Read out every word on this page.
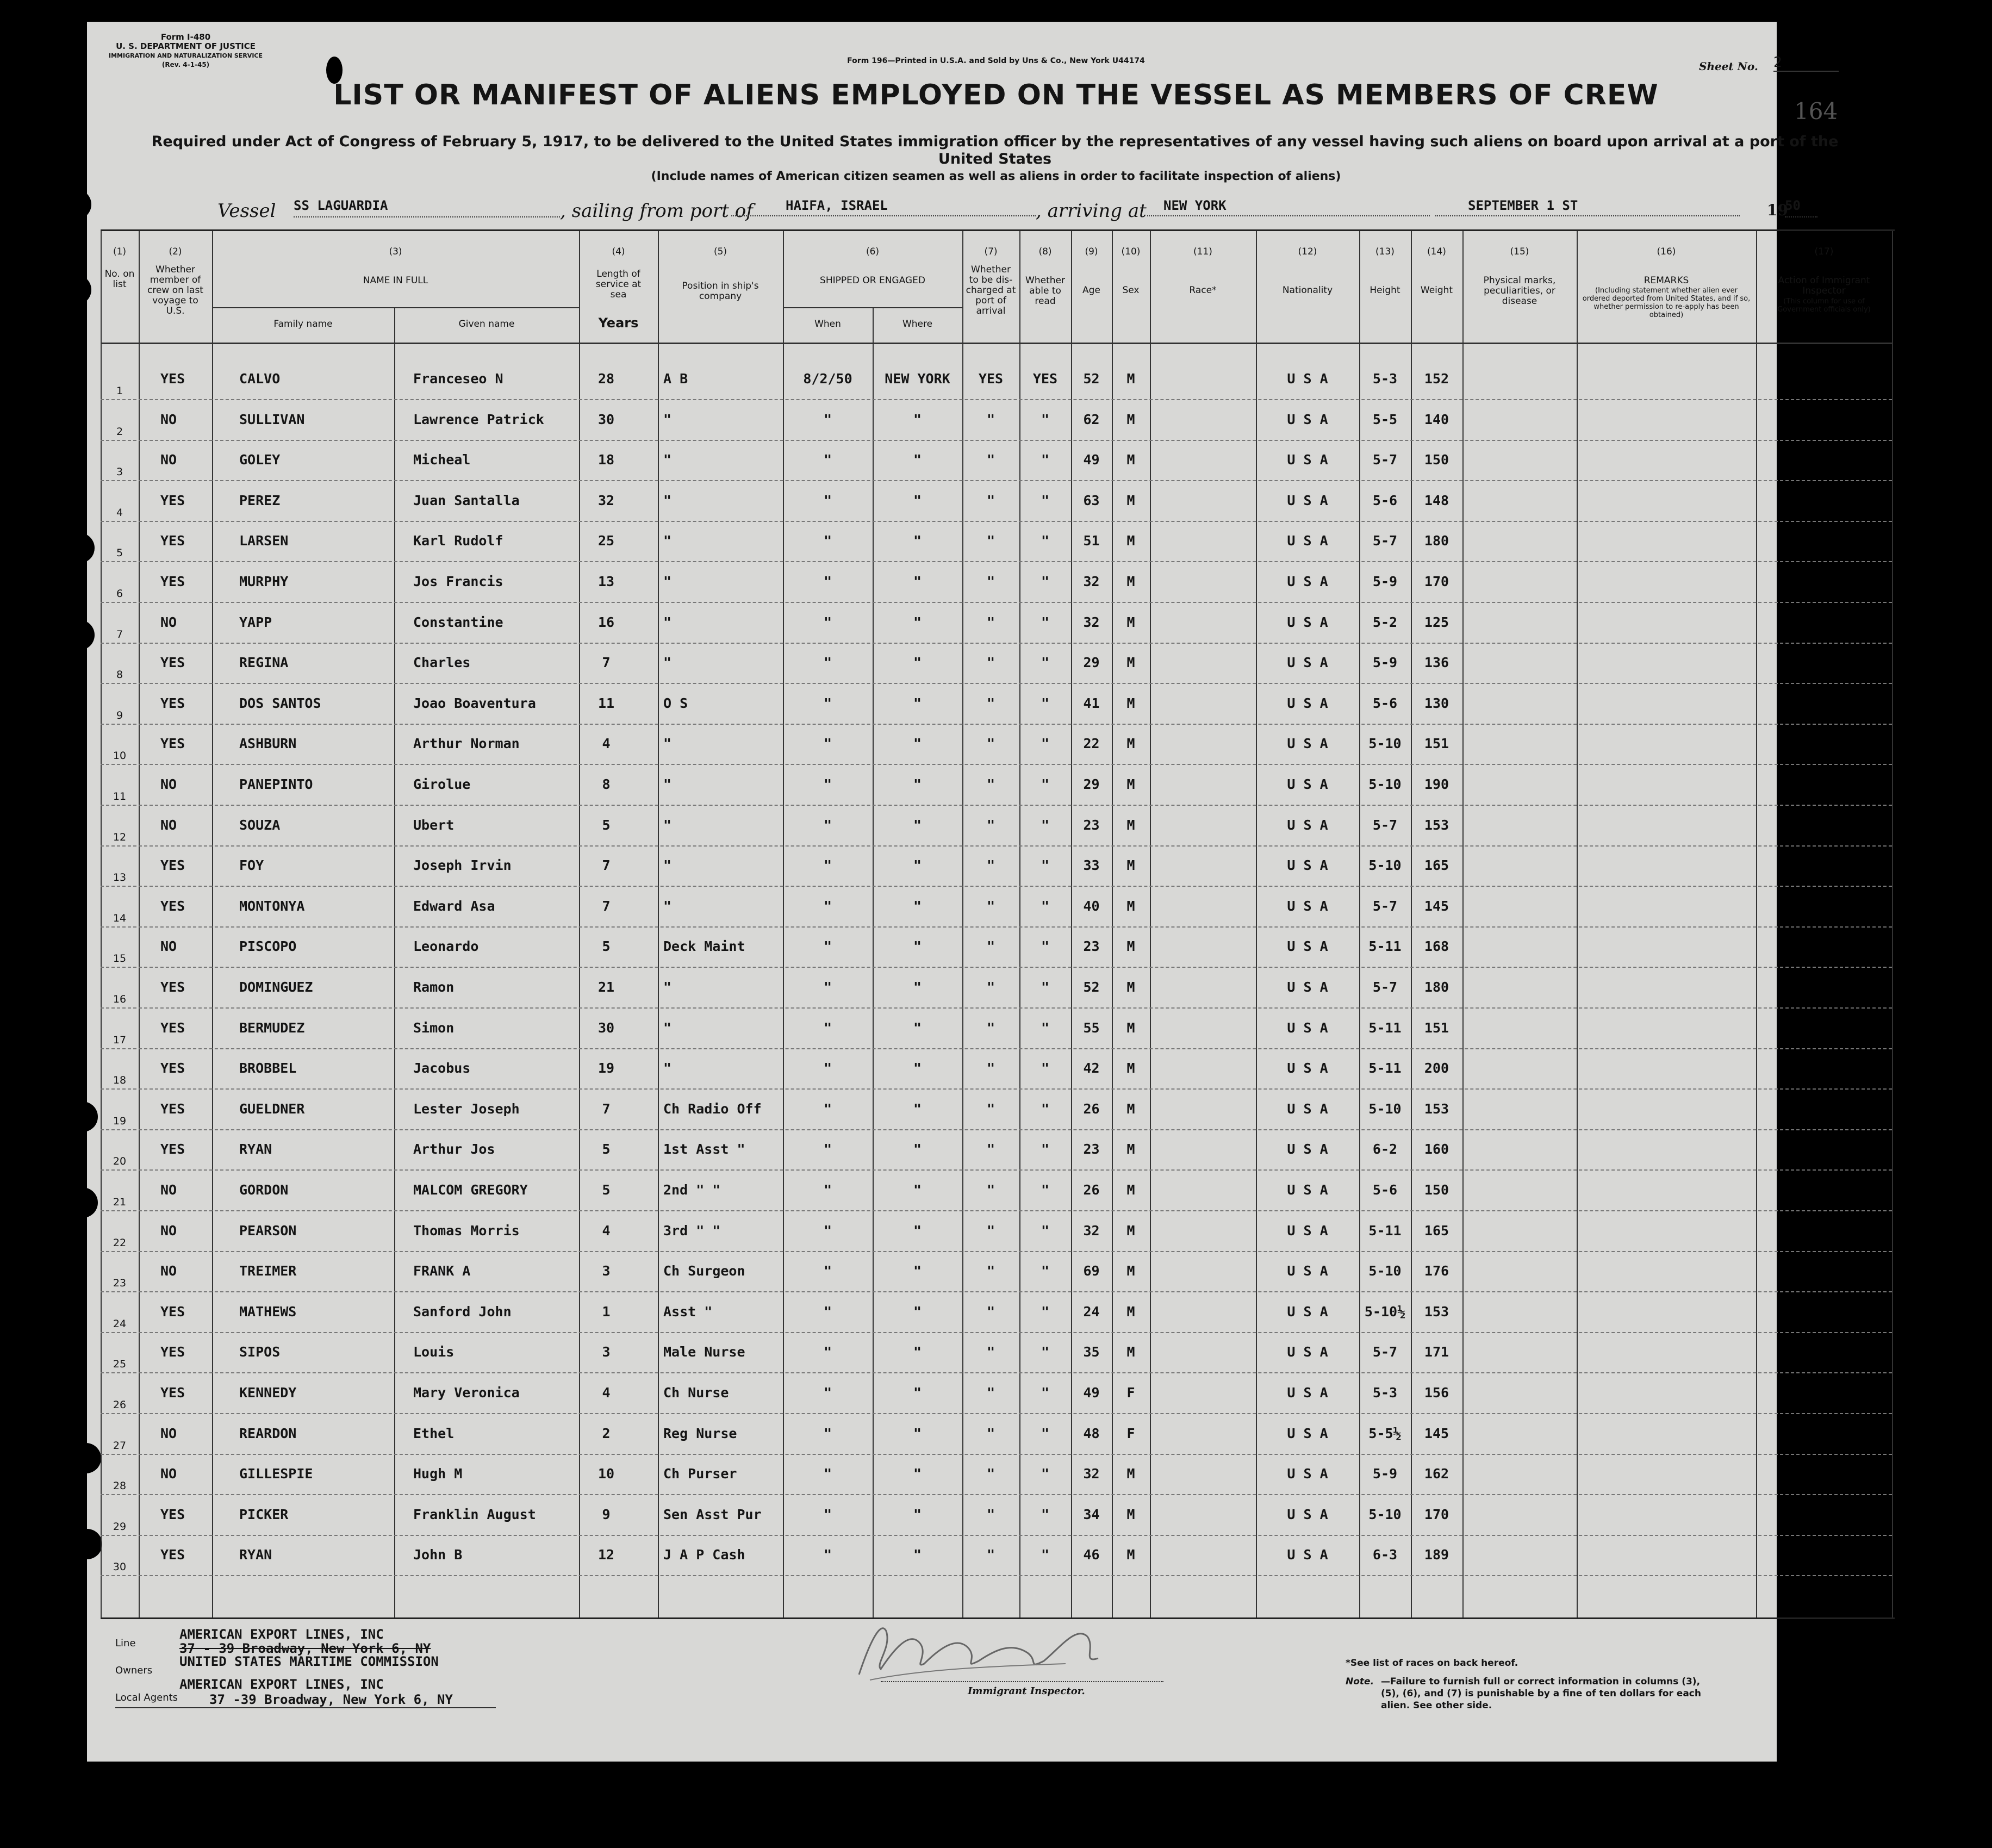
Form I-480
U. S. DEPARTMENT OF JUSTICE
IMMIGRATION AND NATURALIZATION SERVICE
(Rev. 4-1-45)	Form 196—Printed in U.S.A. and Sold by Uns & Co., New York U44174	Sheet No. 2
164
LIST OR MANIFEST OF ALIENS EMPLOYED ON THE VESSEL AS MEMBERS OF CREW
Required under Act of Congress of February 5, 1917, to be delivered to the United States immigration officer by the representatives of any vessel having such aliens on board upon arrival at a port of the United States
(Include names of American citizen seamen as well as aliens in order to facilitate inspection of aliens)
Vessel SS LAGUARDIA	, sailing from port of	HAIFA, ISRAEL	, arriving at	NEW YORK	SEPTEMBER 1 ST	19
50
(1)	(2)	(3)	(4)	(5)	(6)	(7)	(8)	(9)	(10)	(11)	(12)	(13)	(14)	(15)	(16)	(17)
No. on list
Whether member of crew on last voyage to U.S.
NAME IN FULL
Family name	Given name
Length of service at sea
Years
Position in ship's company
SHIPPED OR ENGAGED
When	Where
Whether to be dis-charged at port of arrival
Whether able to read
Age	Sex	Race*	Nationality	Height	Weight
Physical marks, peculiarities, or disease
REMARKS
(Including statement whether alien ever ordered deported from United States, and if so, whether permission to re-apply has been obtained)
Action of Immigrant Inspector
(This column for use of Government officials only)
1
YES	CALVO	Franceseo N	28	A B	8/2/50	NEW YORK	YES	YES	52	M	U S A	5-3	152
2
NO	SULLIVAN	Lawrence Patrick	30	"	"	"	"	"	62	M	U S A	5-5	140
3
NO	GOLEY	Micheal	18	"	"	"	"	"	49	M	U S A	5-7	150
4
YES	PEREZ	Juan Santalla	32	"	"	"	"	"	63	M	U S A	5-6	148
5
YES	LARSEN	Karl Rudolf	25	"	"	"	"	"	51	M	U S A	5-7	180
6
YES	MURPHY	Jos Francis	13	"	"	"	"	"	32	M	U S A	5-9	170
7
NO	YAPP	Constantine	16	"	"	"	"	"	32	M	U S A	5-2	125
8
YES	REGINA	Charles	7	"	"	"	"	"	29	M	U S A	5-9	136
9
YES	DOS SANTOS	Joao Boaventura	11	O S	"	"	"	"	41	M	U S A	5-6	130
10
YES	ASHBURN	Arthur Norman	4	"	"	"	"	"	22	M	U S A	5-10	151
11
NO	PANEPINTO	Girolue	8	"	"	"	"	"	29	M	U S A	5-10	190
12
NO	SOUZA	Ubert	5	"	"	"	"	"	23	M	U S A	5-7	153
13
YES	FOY	Joseph Irvin	7	"	"	"	"	"	33	M	U S A	5-10	165
14
YES	MONTONYA	Edward Asa	7	"	"	"	"	"	40	M	U S A	5-7	145
15
NO	PISCOPO	Leonardo	5	Deck Maint	"	"	"	"	23	M	U S A	5-11	168
16
YES	DOMINGUEZ	Ramon	21	"	"	"	"	"	52	M	U S A	5-7	180
17
YES	BERMUDEZ	Simon	30	"	"	"	"	"	55	M	U S A	5-11	151
18
YES	BROBBEL	Jacobus	19	"	"	"	"	"	42	M	U S A	5-11	200
19
YES	GUELDNER	Lester Joseph	7	Ch Radio Off	"	"	"	"	26	M	U S A	5-10	153
20
YES	RYAN	Arthur Jos	5	1st Asst "	"	"	"	"	23	M	U S A	6-2	160
21
NO	GORDON	MALCOM GREGORY	5	2nd " "	"	"	"	"	26	M	U S A	5-6	150
22
NO	PEARSON	Thomas Morris	4	3rd " "	"	"	"	"	32	M	U S A	5-11	165
23
NO	TREIMER	FRANK A	3	Ch Surgeon	"	"	"	"	69	M	U S A	5-10	176
24
YES	MATHEWS	Sanford John	1	Asst "	"	"	"	"	24	M	U S A	5-10½	153
25
YES	SIPOS	Louis	3	Male Nurse	"	"	"	"	35	M	U S A	5-7	171
26
YES	KENNEDY	Mary Veronica	4	Ch Nurse	"	"	"	"	49	F	U S A	5-3	156
27
NO	REARDON	Ethel	2	Reg Nurse	"	"	"	"	48	F	U S A	5-5½	145
28
NO	GILLESPIE	Hugh M	10	Ch Purser	"	"	"	"	32	M	U S A	5-9	162
29
YES	PICKER	Franklin August	9	Sen Asst Pur	"	"	"	"	34	M	U S A	5-10	170
30
YES	RYAN	John B	12	J A P Cash	"	"	"	"	46	M	U S A	6-3	189
AMERICAN EXPORT LINES, INC
Line	37 - 39 Broadway, New York 6, NY
Owners
UNITED STATES MARITIME COMMISSION
AMERICAN EXPORT LINES, INC
Local Agents 37 -39 Broadway, New York 6, NY
Immigrant Inspector.
*See list of races on back hereof.
Note. —Failure to furnish full or correct information in columns (3), (5), (6), and (7) is punishable by a fine of ten dollars for each alien. See other side.
